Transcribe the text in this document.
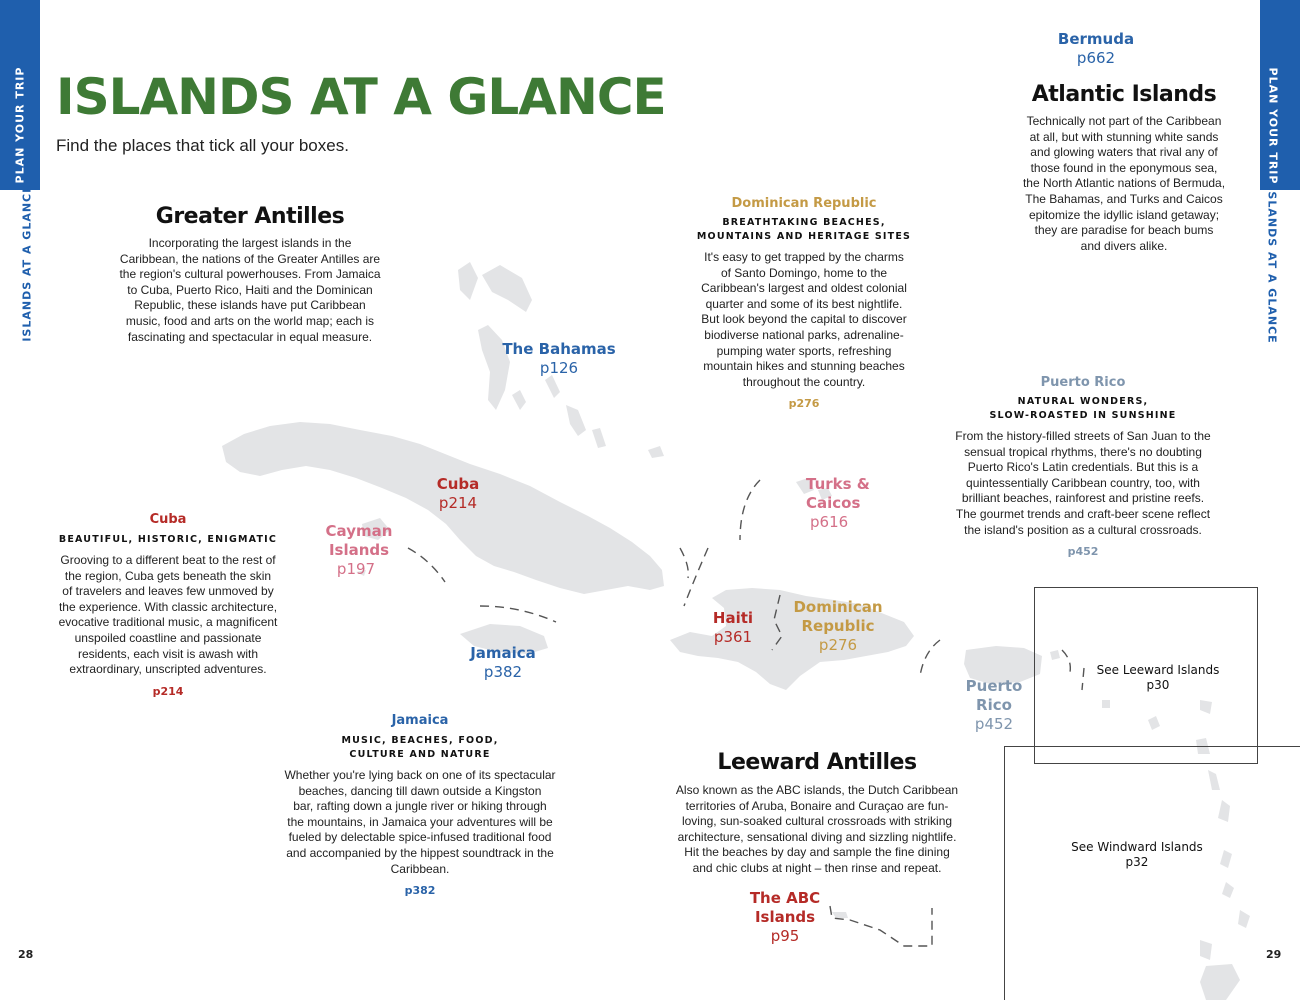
PLAN YOUR TRIP
ISLANDS AT A GLANCE
PLAN YOUR TRIP
ISLANDS AT A GLANCE
ISLANDS AT A GLANCE
Find the places that tick all your boxes.
Greater Antilles
Incorporating the largest islands in the
Caribbean, the nations of the Greater Antilles are
the region's cultural powerhouses. From Jamaica
to Cuba, Puerto Rico, Haiti and the Dominican
Republic, these islands have put Caribbean
music, food and arts on the world map; each is
fascinating and spectacular in equal measure.
Atlantic Islands
Technically not part of the Caribbean
at all, but with stunning white sands
and glowing waters that rival any of
those found in the eponymous sea,
the North Atlantic nations of Bermuda,
The Bahamas, and Turks and Caicos
epitomize the idyllic island getaway;
they are paradise for beach bums
and divers alike.
Leeward Antilles
Also known as the ABC islands, the Dutch Caribbean
territories of Aruba, Bonaire and Curaçao are fun-
loving, sun-soaked cultural crossroads with striking
architecture, sensational diving and sizzling nightlife.
Hit the beaches by day and sample the fine dining
and chic clubs at night – then rinse and repeat.
Cuba
BEAUTIFUL, HISTORIC, ENIGMATIC
Grooving to a different beat to the rest of
the region, Cuba gets beneath the skin
of travelers and leaves few unmoved by
the experience. With classic architecture,
evocative traditional music, a magnificent
unspoiled coastline and passionate
residents, each visit is awash with
extraordinary, unscripted adventures.
p214
Jamaica
MUSIC, BEACHES, FOOD,
CULTURE AND NATURE
Whether you're lying back on one of its spectacular
beaches, dancing till dawn outside a Kingston
bar, rafting down a jungle river or hiking through
the mountains, in Jamaica your adventures will be
fueled by delectable spice-infused traditional food
and accompanied by the hippest soundtrack in the
Caribbean.
p382
Dominican Republic
BREATHTAKING BEACHES,
MOUNTAINS AND HERITAGE SITES
It's easy to get trapped by the charms
of Santo Domingo, home to the
Caribbean's largest and oldest colonial
quarter and some of its best nightlife.
But look beyond the capital to discover
biodiverse national parks, adrenaline-
pumping water sports, refreshing
mountain hikes and stunning beaches
throughout the country.
p276
Puerto Rico
NATURAL WONDERS,
SLOW-ROASTED IN SUNSHINE
From the history-filled streets of San Juan to the
sensual tropical rhythms, there's no doubting
Puerto Rico's Latin credentials. But this is a
quintessentially Caribbean country, too, with
brilliant beaches, rainforest and pristine reefs.
The gourmet trends and craft-beer scene reflect
the island's position as a cultural crossroads.
p452
Bermuda
p662
The Bahamas
p126
Cuba
p214
Cayman
Islands
p197
Jamaica
p382
Turks &
Caicos
p616
Haiti
p361
Dominican
Republic
p276
Puerto
Rico
p452
The ABC
Islands
p95
See Leeward Islands
p30
See Windward Islands
p32
28	29
